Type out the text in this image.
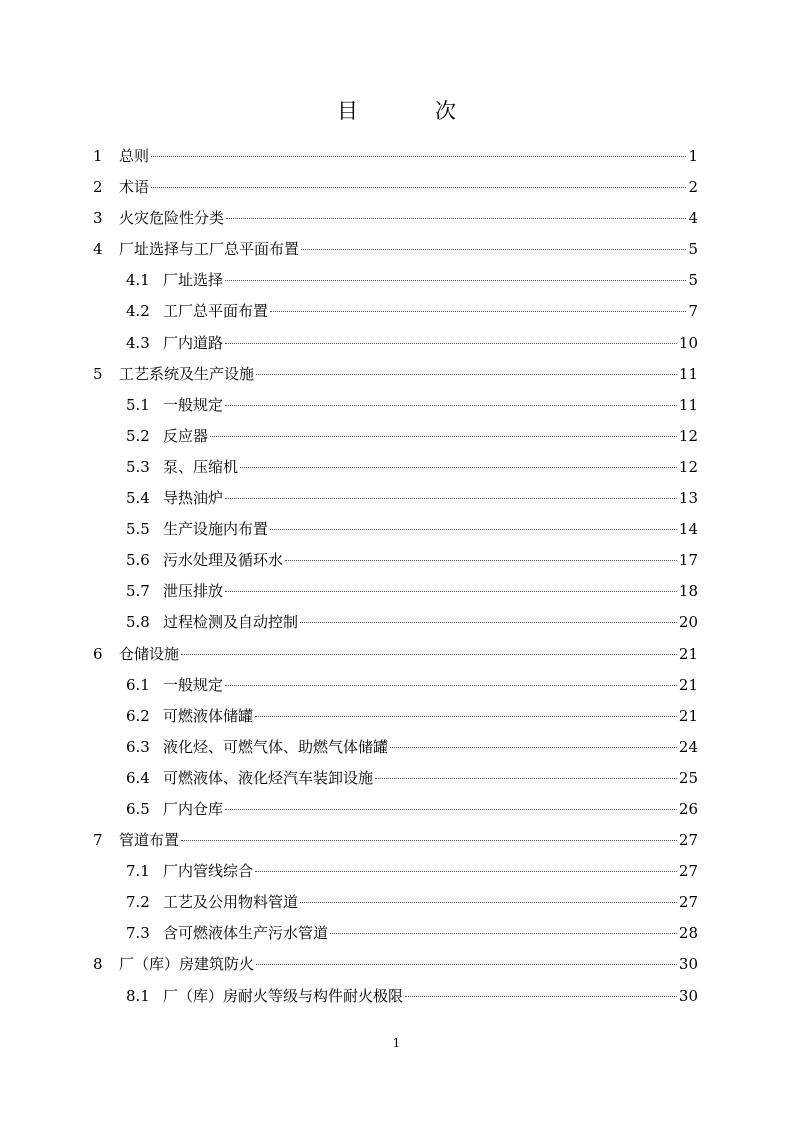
目　次
1	总则	1
2	术语	2
3	火灾危险性分类	4
4	厂址选择与工厂总平面布置	5
4.1 厂址选择	5
4.2 工厂总平面布置	7
4.3 厂内道路	10
5	工艺系统及生产设施	11
5.1 一般规定	11
5.2 反应器	12
5.3 泵、压缩机	12
5.4 导热油炉	13
5.5 生产设施内布置	14
5.6 污水处理及循环水	17
5.7 泄压排放	18
5.8 过程检测及自动控制	20
6	仓储设施	21
6.1 一般规定	21
6.2 可燃液体储罐	21
6.3 液化烃、可燃气体、助燃气体储罐	24
6.4 可燃液体、液化烃汽车装卸设施	25
6.5 厂内仓库	26
7	管道布置	27
7.1 厂内管线综合	27
7.2 工艺及公用物料管道	27
7.3 含可燃液体生产污水管道	28
8	厂（库）房建筑防火	30
8.1 厂（库）房耐火等级与构件耐火极限	30
1
